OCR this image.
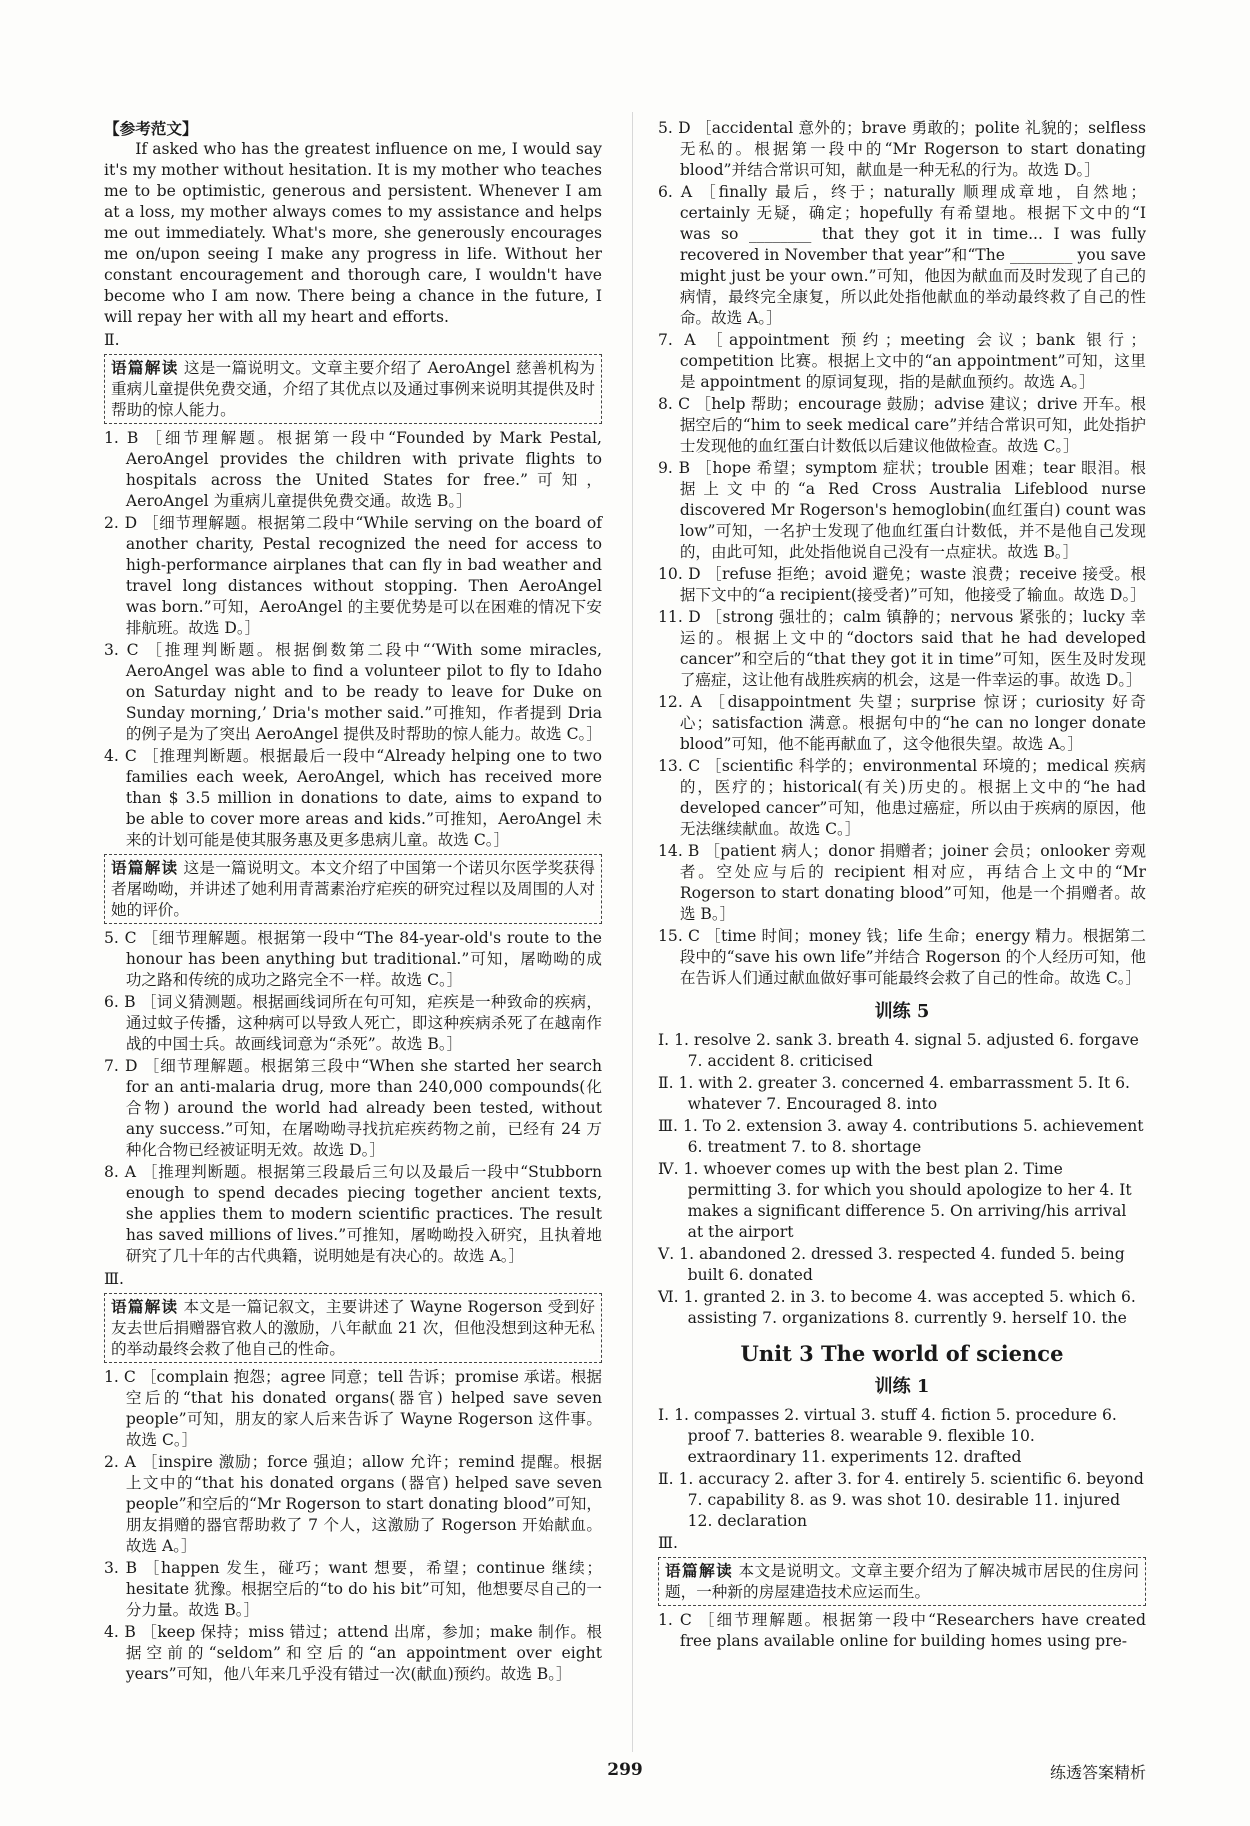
【参考范文】

If asked who has the greatest influence on me, I would say it's my mother without hesitation. It is my mother who teaches me to be optimistic, generous and persistent. Whenever I am at a loss, my mother always comes to my assistance and helps me out immediately. What's more, she generously encourages me on/upon seeing I make any progress in life. Without her constant encouragement and thorough care, I wouldn't have become who I am now. There being a chance in the future, I will repay her with all my heart and efforts.

Ⅱ.

语篇解读 这是一篇说明文。文章主要介绍了 AeroAngel 慈善机构为重病儿童提供免费交通，介绍了其优点以及通过事例来说明其提供及时帮助的惊人能力。

1. B ［细节理解题。根据第一段中“Founded by Mark Pestal, AeroAngel provides the children with private flights to hospitals across the United States for free.”可知，AeroAngel 为重病儿童提供免费交通。故选 B。］

2. D ［细节理解题。根据第二段中“While serving on the board of another charity, Pestal recognized the need for access to high-performance airplanes that can fly in bad weather and travel long distances without stopping. Then AeroAngel was born.”可知，AeroAngel 的主要优势是可以在困难的情况下安排航班。故选 D。］

3. C ［推理判断题。根据倒数第二段中“‘With some miracles, AeroAngel was able to find a volunteer pilot to fly to Idaho on Saturday night and to be ready to leave for Duke on Sunday morning,’ Dria's mother said.”可推知，作者提到 Dria 的例子是为了突出 AeroAngel 提供及时帮助的惊人能力。故选 C。］

4. C ［推理判断题。根据最后一段中“Already helping one to two families each week, AeroAngel, which has received more than $ 3.5 million in donations to date, aims to expand to be able to cover more areas and kids.”可推知，AeroAngel 未来的计划可能是使其服务惠及更多患病儿童。故选 C。］

语篇解读 这是一篇说明文。本文介绍了中国第一个诺贝尔医学奖获得者屠呦呦，并讲述了她利用青蒿素治疗疟疾的研究过程以及周围的人对她的评价。

5. C ［细节理解题。根据第一段中“The 84-year-old's route to the honour has been anything but traditional.”可知，屠呦呦的成功之路和传统的成功之路完全不一样。故选 C。］

6. B ［词义猜测题。根据画线词所在句可知，疟疾是一种致命的疾病，通过蚊子传播，这种病可以导致人死亡，即这种疾病杀死了在越南作战的中国士兵。故画线词意为“杀死”。故选 B。］

7. D ［细节理解题。根据第三段中“When she started her search for an anti-malaria drug, more than 240,000 compounds(化合物) around the world had already been tested, without any success.”可知，在屠呦呦寻找抗疟疾药物之前，已经有 24 万种化合物已经被证明无效。故选 D。］

8. A ［推理判断题。根据第三段最后三句以及最后一段中“Stubborn enough to spend decades piecing together ancient texts, she applies them to modern scientific practices. The result has saved millions of lives.”可推知，屠呦呦投入研究，且执着地研究了几十年的古代典籍，说明她是有决心的。故选 A。］

Ⅲ.

语篇解读 本文是一篇记叙文，主要讲述了 Wayne Rogerson 受到好友去世后捐赠器官救人的激励，八年献血 21 次，但他没想到这种无私的举动最终会救了他自己的性命。

1. C ［complain 抱怨；agree 同意；tell 告诉；promise 承诺。根据空后的“that his donated organs(器官) helped save seven people”可知，朋友的家人后来告诉了 Wayne Rogerson 这件事。故选 C。］

2. A ［inspire 激励；force 强迫；allow 允许；remind 提醒。根据上文中的“that his donated organs (器官) helped save seven people”和空后的“Mr Rogerson to start donating blood”可知，朋友捐赠的器官帮助救了 7 个人，这激励了 Rogerson 开始献血。故选 A。］

3. B ［happen 发生，碰巧；want 想要，希望；continue 继续；hesitate 犹豫。根据空后的“to do his bit”可知，他想要尽自己的一分力量。故选 B。］

4. B ［keep 保持；miss 错过；attend 出席，参加；make 制作。根据空前的“seldom”和空后的“an appointment over eight years”可知，他八年来几乎没有错过一次(献血)预约。故选 B。］

5. D ［accidental 意外的；brave 勇敢的；polite 礼貌的；selfless 无私的。根据第一段中的“Mr Rogerson to start donating blood”并结合常识可知，献血是一种无私的行为。故选 D。］

6. A ［finally 最后，终于；naturally 顺理成章地，自然地；certainly 无疑，确定；hopefully 有希望地。根据下文中的“I was so ________ that they got it in time... I was fully recovered in November that year”和“The ________ you save might just be your own.”可知，他因为献血而及时发现了自己的病情，最终完全康复，所以此处指他献血的举动最终救了自己的性命。故选 A。］

7. A ［appointment 预约；meeting 会议；bank 银行；competition 比赛。根据上文中的“an appointment”可知，这里是 appointment 的原词复现，指的是献血预约。故选 A。］

8. C ［help 帮助；encourage 鼓励；advise 建议；drive 开车。根据空后的“him to seek medical care”并结合常识可知，此处指护士发现他的血红蛋白计数低以后建议他做检查。故选 C。］

9. B ［hope 希望；symptom 症状；trouble 困难；tear 眼泪。根据上文中的“a Red Cross Australia Lifeblood nurse discovered Mr Rogerson's hemoglobin(血红蛋白) count was low”可知，一名护士发现了他血红蛋白计数低，并不是他自己发现的，由此可知，此处指他说自己没有一点症状。故选 B。］

10. D ［refuse 拒绝；avoid 避免；waste 浪费；receive 接受。根据下文中的“a recipient(接受者)”可知，他接受了输血。故选 D。］

11. D ［strong 强壮的；calm 镇静的；nervous 紧张的；lucky 幸运的。根据上文中的“doctors said that he had developed cancer”和空后的“that they got it in time”可知，医生及时发现了癌症，这让他有战胜疾病的机会，这是一件幸运的事。故选 D。］

12. A ［disappointment 失望；surprise 惊讶；curiosity 好奇心；satisfaction 满意。根据句中的“he can no longer donate blood”可知，他不能再献血了，这令他很失望。故选 A。］

13. C ［scientific 科学的；environmental 环境的；medical 疾病的，医疗的；historical(有关)历史的。根据上文中的“he had developed cancer”可知，他患过癌症，所以由于疾病的原因，他无法继续献血。故选 C。］

14. B ［patient 病人；donor 捐赠者；joiner 会员；onlooker 旁观者。空处应与后的 recipient 相对应，再结合上文中的“Mr Rogerson to start donating blood”可知，他是一个捐赠者。故选 B。］

15. C ［time 时间；money 钱；life 生命；energy 精力。根据第二段中的“save his own life”并结合 Rogerson 的个人经历可知，他在告诉人们通过献血做好事可能最终会救了自己的性命。故选 C。］

训练 5

Ⅰ. 1. resolve 2. sank 3. breath 4. signal 5. adjusted 6. forgave 7. accident 8. criticised

Ⅱ. 1. with 2. greater 3. concerned 4. embarrassment 5. It 6. whatever 7. Encouraged 8. into

Ⅲ. 1. To 2. extension 3. away 4. contributions 5. achievement 6. treatment 7. to 8. shortage

Ⅳ. 1. whoever comes up with the best plan 2. Time permitting 3. for which you should apologize to her 4. It makes a significant difference 5. On arriving/his arrival at the airport

Ⅴ. 1. abandoned 2. dressed 3. respected 4. funded 5. being built 6. donated

Ⅵ. 1. granted 2. in 3. to become 4. was accepted 5. which 6. assisting 7. organizations 8. currently 9. herself 10. the

Unit 3 The world of science

训练 1

Ⅰ. 1. compasses 2. virtual 3. stuff 4. fiction 5. procedure 6. proof 7. batteries 8. wearable 9. flexible 10. extraordinary 11. experiments 12. drafted

Ⅱ. 1. accuracy 2. after 3. for 4. entirely 5. scientific 6. beyond 7. capability 8. as 9. was shot 10. desirable 11. injured 12. declaration

Ⅲ.

语篇解读 本文是说明文。文章主要介绍为了解决城市居民的住房问题，一种新的房屋建造技术应运而生。

1. C ［细节理解题。根据第一段中“Researchers have created free plans available online for building homes using pre-

299	练透答案精析
